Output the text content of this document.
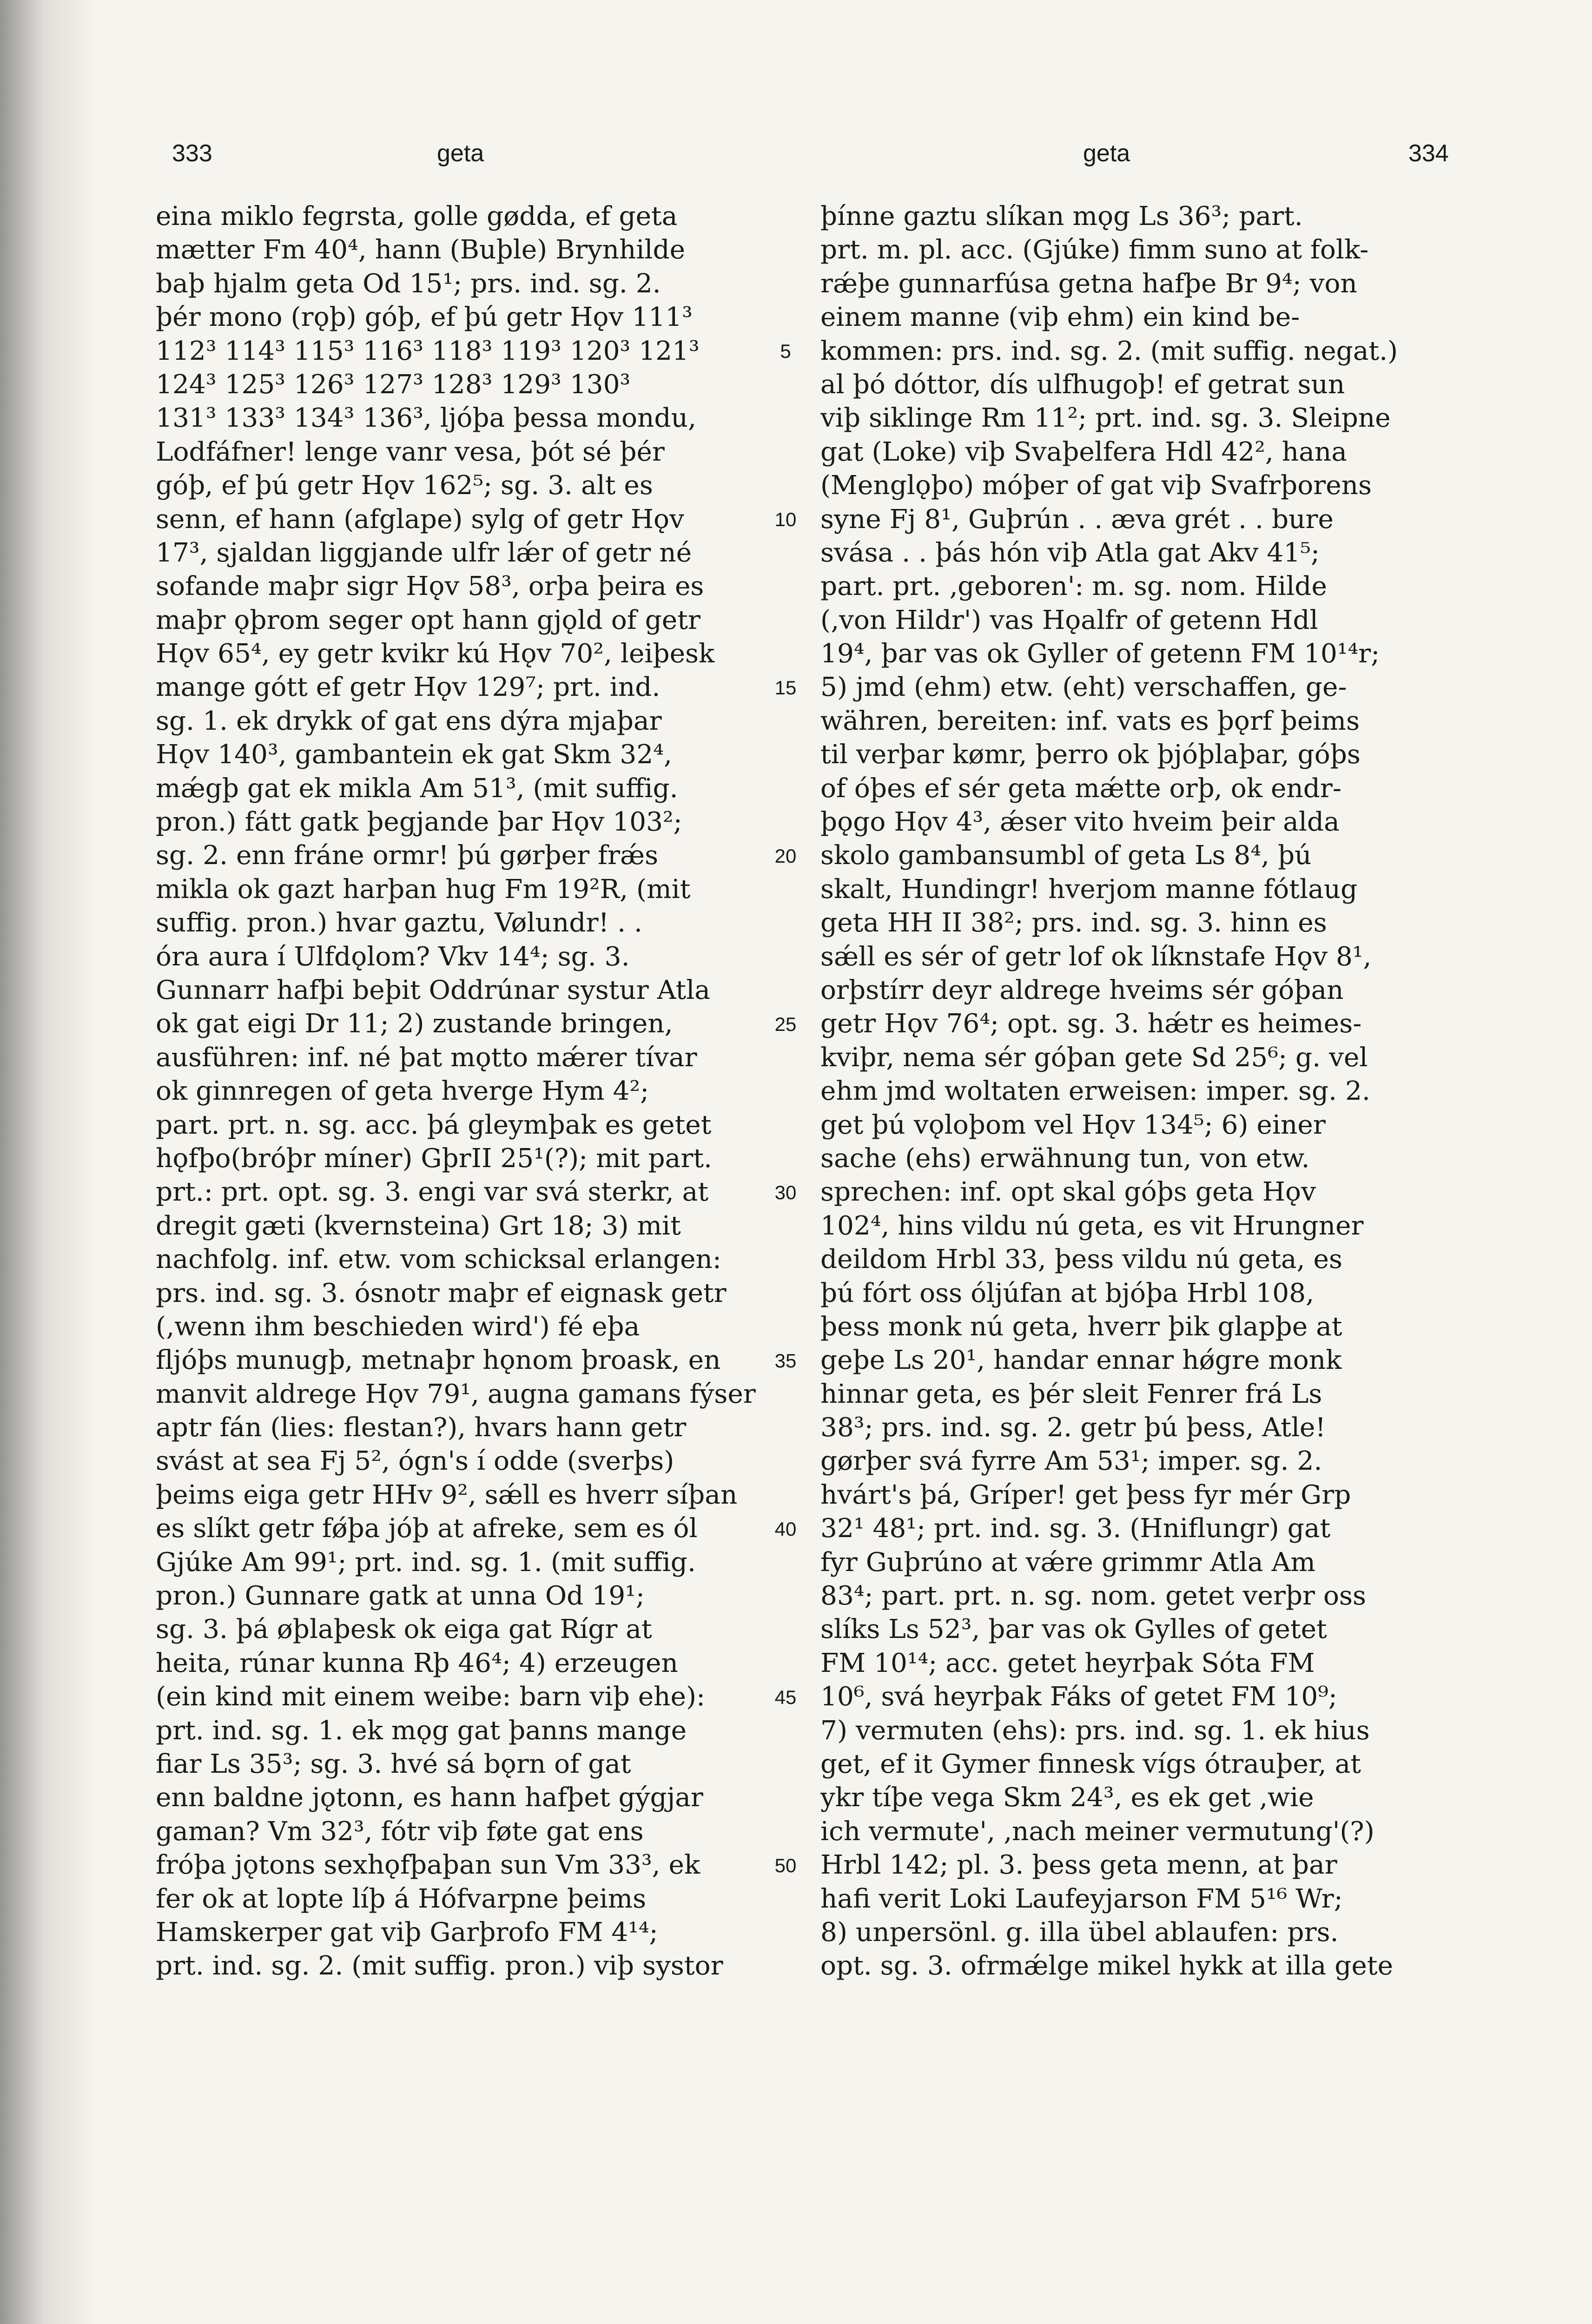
333	geta	geta	334
eina miklo fegrsta, golle gødda, ef geta
mætter Fm 40⁴, hann (Buþle) Brynhilde
baþ hjalm geta Od 15¹; prs. ind. sg. 2.
þér mono (rǫþ) góþ, ef þú getr Hǫv 111³
112³ 114³ 115³ 116³ 118³ 119³ 120³ 121³
124³ 125³ 126³ 127³ 128³ 129³ 130³
131³ 133³ 134³ 136³, ljóþa þessa mondu,
Lodfáfner! lenge vanr vesa, þót sé þér
góþ, ef þú getr Hǫv 162⁵; sg. 3. alt es
senn, ef hann (afglape) sylg of getr Hǫv
17³, sjaldan liggjande ulfr lǽr of getr né
sofande maþr sigr Hǫv 58³, orþa þeira es
maþr ǫþrom seger opt hann gjǫld of getr
Hǫv 65⁴, ey getr kvikr kú Hǫv 70², leiþesk
mange gótt ef getr Hǫv 129⁷; prt. ind.
sg. 1. ek drykk of gat ens dýra mjaþar
Hǫv 140³, gambantein ek gat Skm 32⁴,
mǽgþ gat ek mikla Am 51³, (mit suffig.
pron.) fátt gatk þegjande þar Hǫv 103²;
sg. 2. enn fráne ormr! þú gørþer frǽs
mikla ok gazt harþan hug Fm 19²R, (mit
suffig. pron.) hvar gaztu, Vølundr! . .
óra aura í Ulfdǫlom? Vkv 14⁴; sg. 3.
Gunnarr hafþi beþit Oddrúnar systur Atla
ok gat eigi Dr 11; 2) zustande bringen,
ausführen: inf. né þat mǫtto mǽrer tívar
ok ginnregen of geta hverge Hym 4²;
part. prt. n. sg. acc. þá gleymþak es getet
hǫfþo(bróþr míner) GþrII 25¹(?); mit part.
prt.: prt. opt. sg. 3. engi var svá sterkr, at
dregit gæti (kvernsteina) Grt 18; 3) mit
nachfolg. inf. etw. vom schicksal erlangen:
prs. ind. sg. 3. ósnotr maþr ef eignask getr
(‚wenn ihm beschieden wird') fé eþa
fljóþs munugþ, metnaþr hǫnom þroask, en
manvit aldrege Hǫv 79¹, augna gamans fýser
aptr fán (lies: flestan?), hvars hann getr
svást at sea Fj 5², ógn's í odde (sverþs)
þeims eiga getr HHv 9², sǽll es hverr síþan
es slíkt getr fǿþa jóþ at afreke, sem es ól
Gjúke Am 99¹; prt. ind. sg. 1. (mit suffig.
pron.) Gunnare gatk at unna Od 19¹;
sg. 3. þá øþlaþesk ok eiga gat Rígr at
heita, rúnar kunna Rþ 46⁴; 4) erzeugen
(ein kind mit einem weibe: barn viþ ehe):
prt. ind. sg. 1. ek mǫg gat þanns mange
fiar Ls 35³; sg. 3. hvé sá bǫrn of gat
enn baldne jǫtonn, es hann hafþet gýgjar
gaman? Vm 32³, fótr viþ føte gat ens
fróþa jǫtons sexhǫfþaþan sun Vm 33³, ek
fer ok at lopte líþ á Hófvarpne þeims
Hamskerper gat viþ Garþrofo FM 4¹⁴;
prt. ind. sg. 2. (mit suffig. pron.) viþ systor
5
10
15
20
25
30
35
40
45
50
þínne gaztu slíkan mǫg Ls 36³; part.
prt. m. pl. acc. (Gjúke) fimm suno at folk-
rǽþe gunnarfúsa getna hafþe Br 9⁴; von
einem manne (viþ ehm) ein kind be-
kommen: prs. ind. sg. 2. (mit suffig. negat.)
al þó dóttor, dís ulfhugoþ! ef getrat sun
viþ siklinge Rm 11²; prt. ind. sg. 3. Sleipne
gat (Loke) viþ Svaþelfera Hdl 42², hana
(Menglǫþo) móþer of gat viþ Svafrþorens
syne Fj 8¹, Guþrún . . æva grét . . bure
svása . . þás hón viþ Atla gat Akv 41⁵;
part. prt. ‚geboren': m. sg. nom. Hilde
(‚von Hildr') vas Hǫalfr of getenn Hdl
19⁴, þar vas ok Gyller of getenn FM 10¹⁴r;
5) jmd (ehm) etw. (eht) verschaffen, ge-
währen, bereiten: inf. vats es þǫrf þeims
til verþar kømr, þerro ok þjóþlaþar, góþs
of óþes ef sér geta mǽtte orþ, ok endr-
þǫgo Hǫv 4³, ǽser vito hveim þeir alda
skolo gambansumbl of geta Ls 8⁴, þú
skalt, Hundingr! hverjom manne fótlaug
geta HH II 38²; prs. ind. sg. 3. hinn es
sǽll es sér of getr lof ok líknstafe Hǫv 8¹,
orþstírr deyr aldrege hveims sér góþan
getr Hǫv 76⁴; opt. sg. 3. hǽtr es heimes-
kviþr, nema sér góþan gete Sd 25⁶; g. vel
ehm jmd woltaten erweisen: imper. sg. 2.
get þú vǫloþom vel Hǫv 134⁵; 6) einer
sache (ehs) erwähnung tun, von etw.
sprechen: inf. opt skal góþs geta Hǫv
102⁴, hins vildu nú geta, es vit Hrungner
deildom Hrbl 33, þess vildu nú geta, es
þú fórt oss óljúfan at bjóþa Hrbl 108,
þess monk nú geta, hverr þik glapþe at
geþe Ls 20¹, handar ennar hǿgre monk
hinnar geta, es þér sleit Fenrer frá Ls
38³; prs. ind. sg. 2. getr þú þess, Atle!
gørþer svá fyrre Am 53¹; imper. sg. 2.
hvárt's þá, Gríper! get þess fyr mér Grp
32¹ 48¹; prt. ind. sg. 3. (Hniflungr) gat
fyr Guþrúno at vǽre grimmr Atla Am
83⁴; part. prt. n. sg. nom. getet verþr oss
slíks Ls 52³, þar vas ok Gylles of getet
FM 10¹⁴; acc. getet heyrþak Sóta FM
10⁶, svá heyrþak Fáks of getet FM 10⁹;
7) vermuten (ehs): prs. ind. sg. 1. ek hius
get, ef it Gymer finnesk vígs ótrauþer, at
ykr tíþe vega Skm 24³, es ek get ‚wie
ich vermute', ‚nach meiner vermutung'(?)
Hrbl 142; pl. 3. þess geta menn, at þar
hafi verit Loki Laufeyjarson FM 5¹⁶ Wr;
8) unpersönl. g. illa übel ablaufen: prs.
opt. sg. 3. ofrmǽlge mikel hykk at illa gete
